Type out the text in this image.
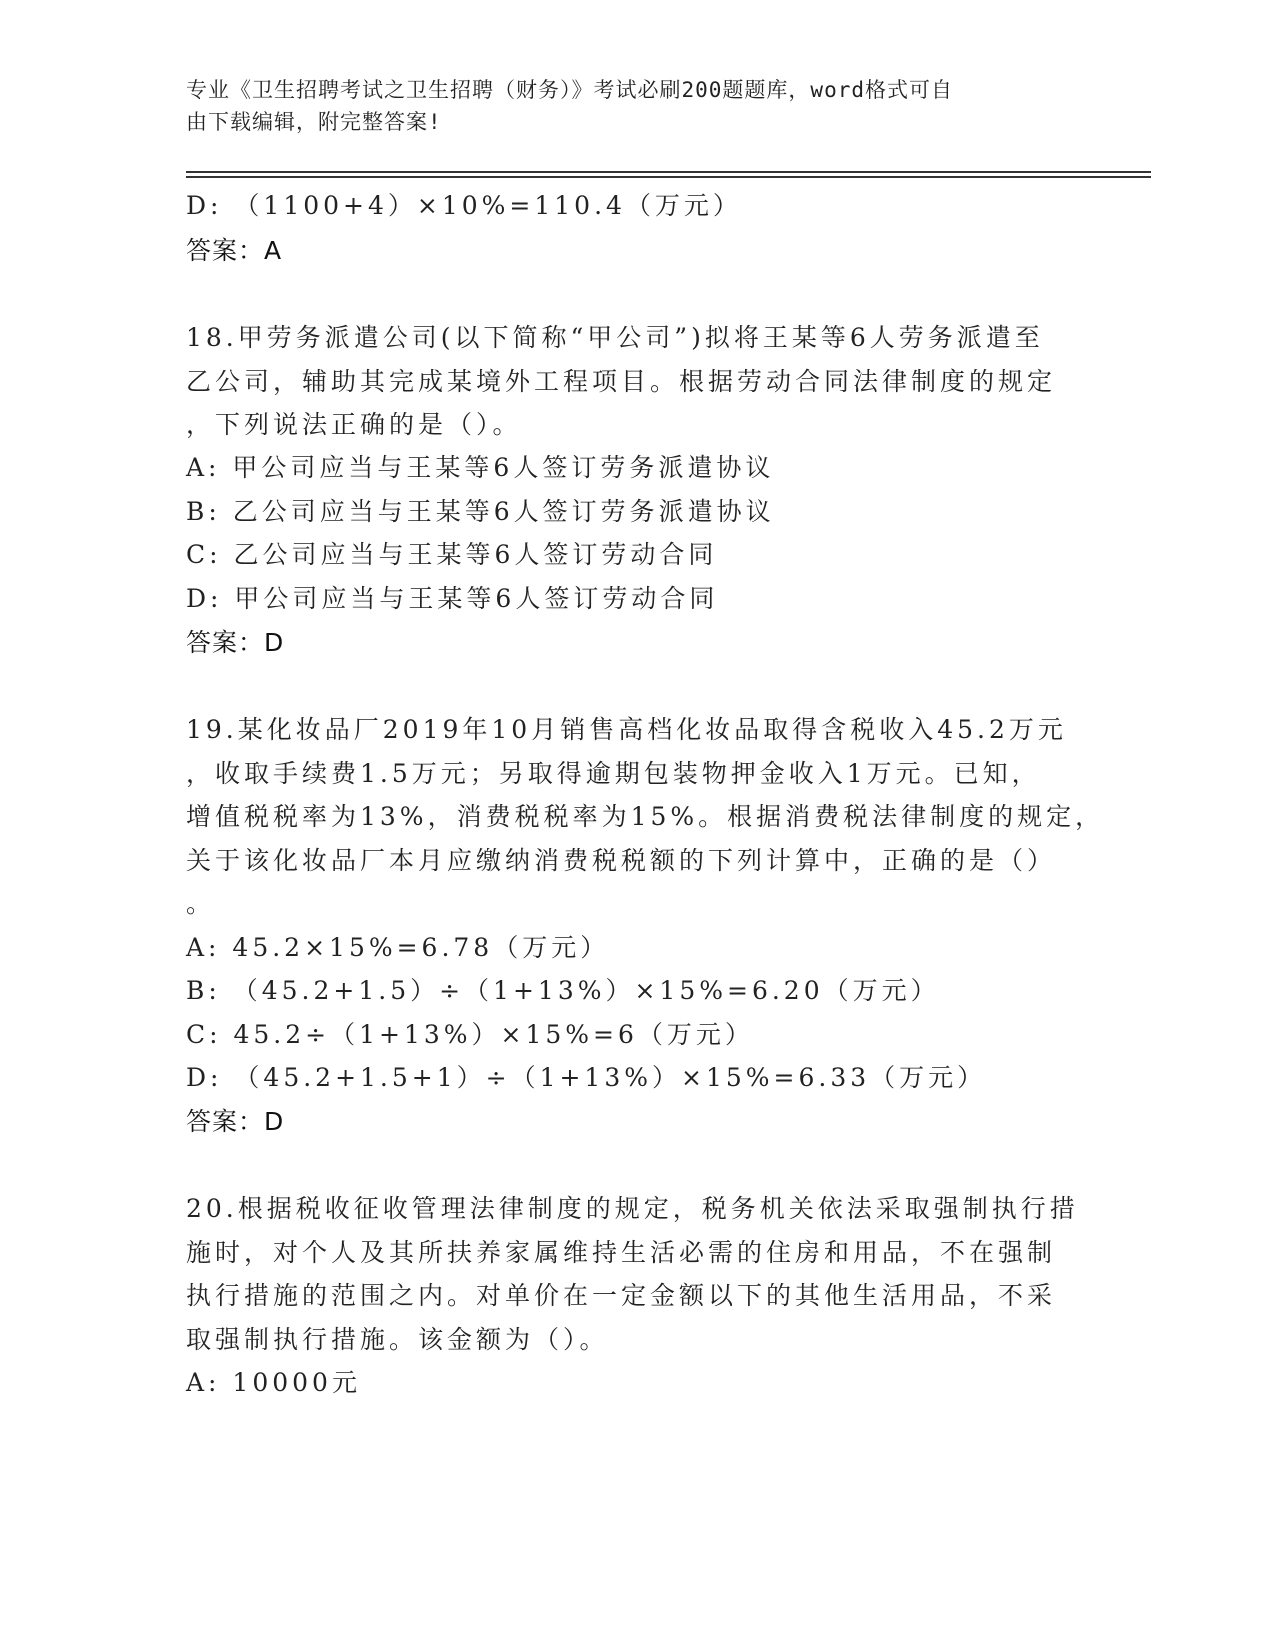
专业《卫生招聘考试之卫生招聘（财务）》考试必刷200题题库，word格式可自
由下载编辑，附完整答案!
D: （1100+4）×10%=110.4（万元）
答案：A
18.甲劳务派遣公司(以下简称“甲公司”)拟将王某等6人劳务派遣至
乙公司，辅助其完成某境外工程项目。根据劳动合同法律制度的规定
，下列说法正确的是（）。
A: 甲公司应当与王某等6人签订劳务派遣协议
B: 乙公司应当与王某等6人签订劳务派遣协议
C: 乙公司应当与王某等6人签订劳动合同
D: 甲公司应当与王某等6人签订劳动合同
答案：D
19.某化妆品厂2019年10月销售高档化妆品取得含税收入45.2万元
，收取手续费1.5万元；另取得逾期包装物押金收入1万元。已知，
增值税税率为13%，消费税税率为15%。根据消费税法律制度的规定，
关于该化妆品厂本月应缴纳消费税税额的下列计算中，正确的是（）
。
A: 45.2×15%=6.78（万元）
B: （45.2+1.5）÷（1+13%）×15%=6.20（万元）
C: 45.2÷（1+13%）×15%=6（万元）
D: （45.2+1.5+1）÷（1+13%）×15%=6.33（万元）
答案：D
20.根据税收征收管理法律制度的规定，税务机关依法采取强制执行措
施时，对个人及其所扶养家属维持生活必需的住房和用品，不在强制
执行措施的范围之内。对单价在一定金额以下的其他生活用品，不采
取强制执行措施。该金额为（）。
A: 10000元
